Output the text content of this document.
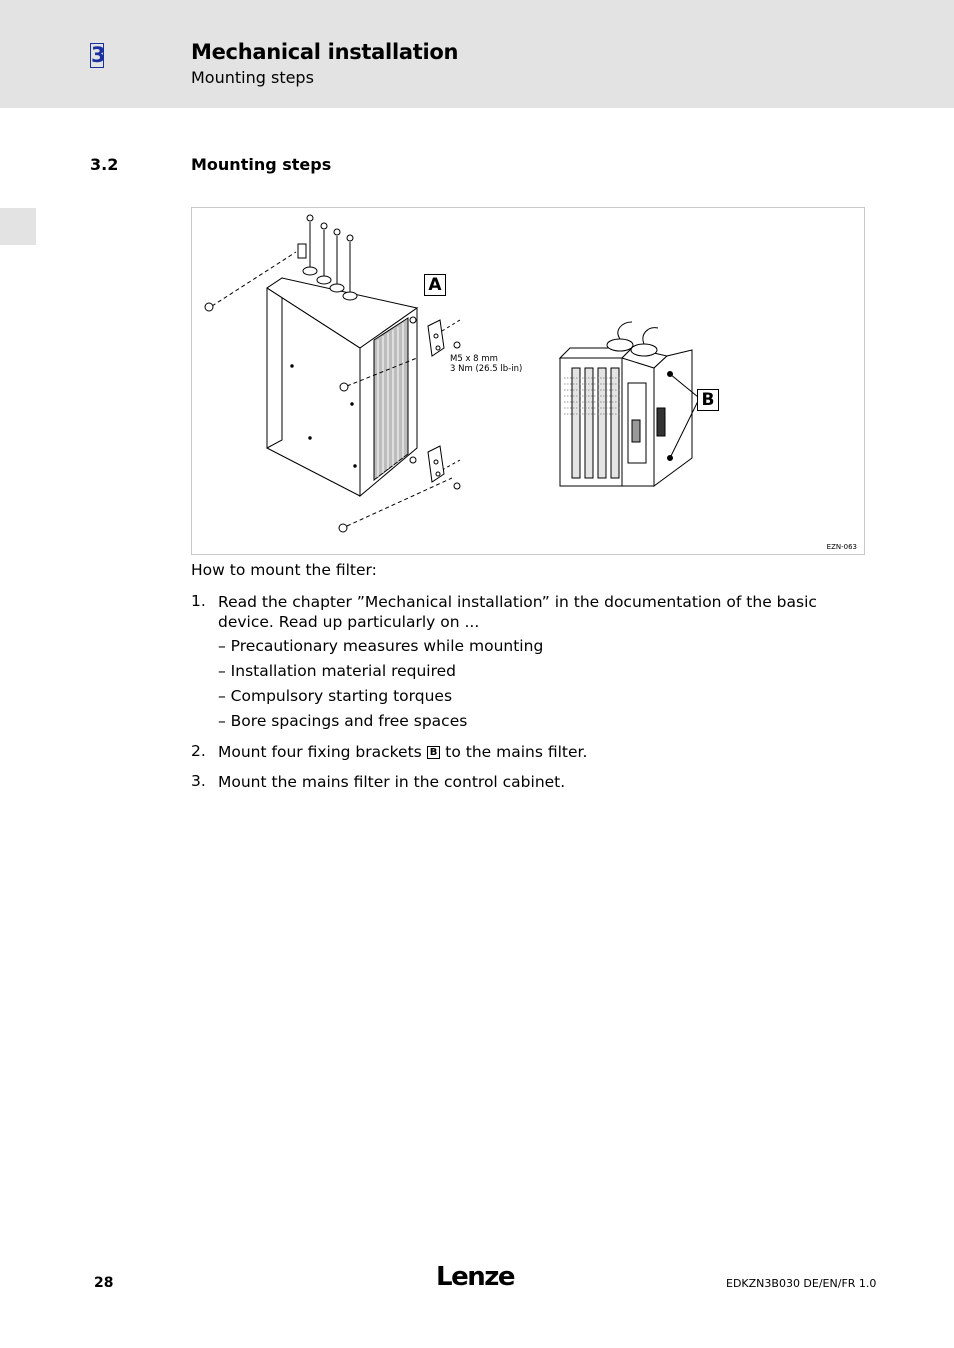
3	Mechanical installation
Mounting steps
3.2	Mounting steps
A
B
M5 x 8 mm
3 Nm (26.5 lb-in)
EZN-063
How to mount the filter:
1. Read the chapter ”Mechanical installation” in the documentation of the basic device. Read up particularly on ...
– Precautionary measures while mounting
– Installation material required
– Compulsory starting torques
– Bore spacings and free spaces
2. Mount four fixing brackets B to the mains filter.
3. Mount the mains filter in the control cabinet.
28	Lenze	EDKZN3B030 DE/EN/FR 1.0
